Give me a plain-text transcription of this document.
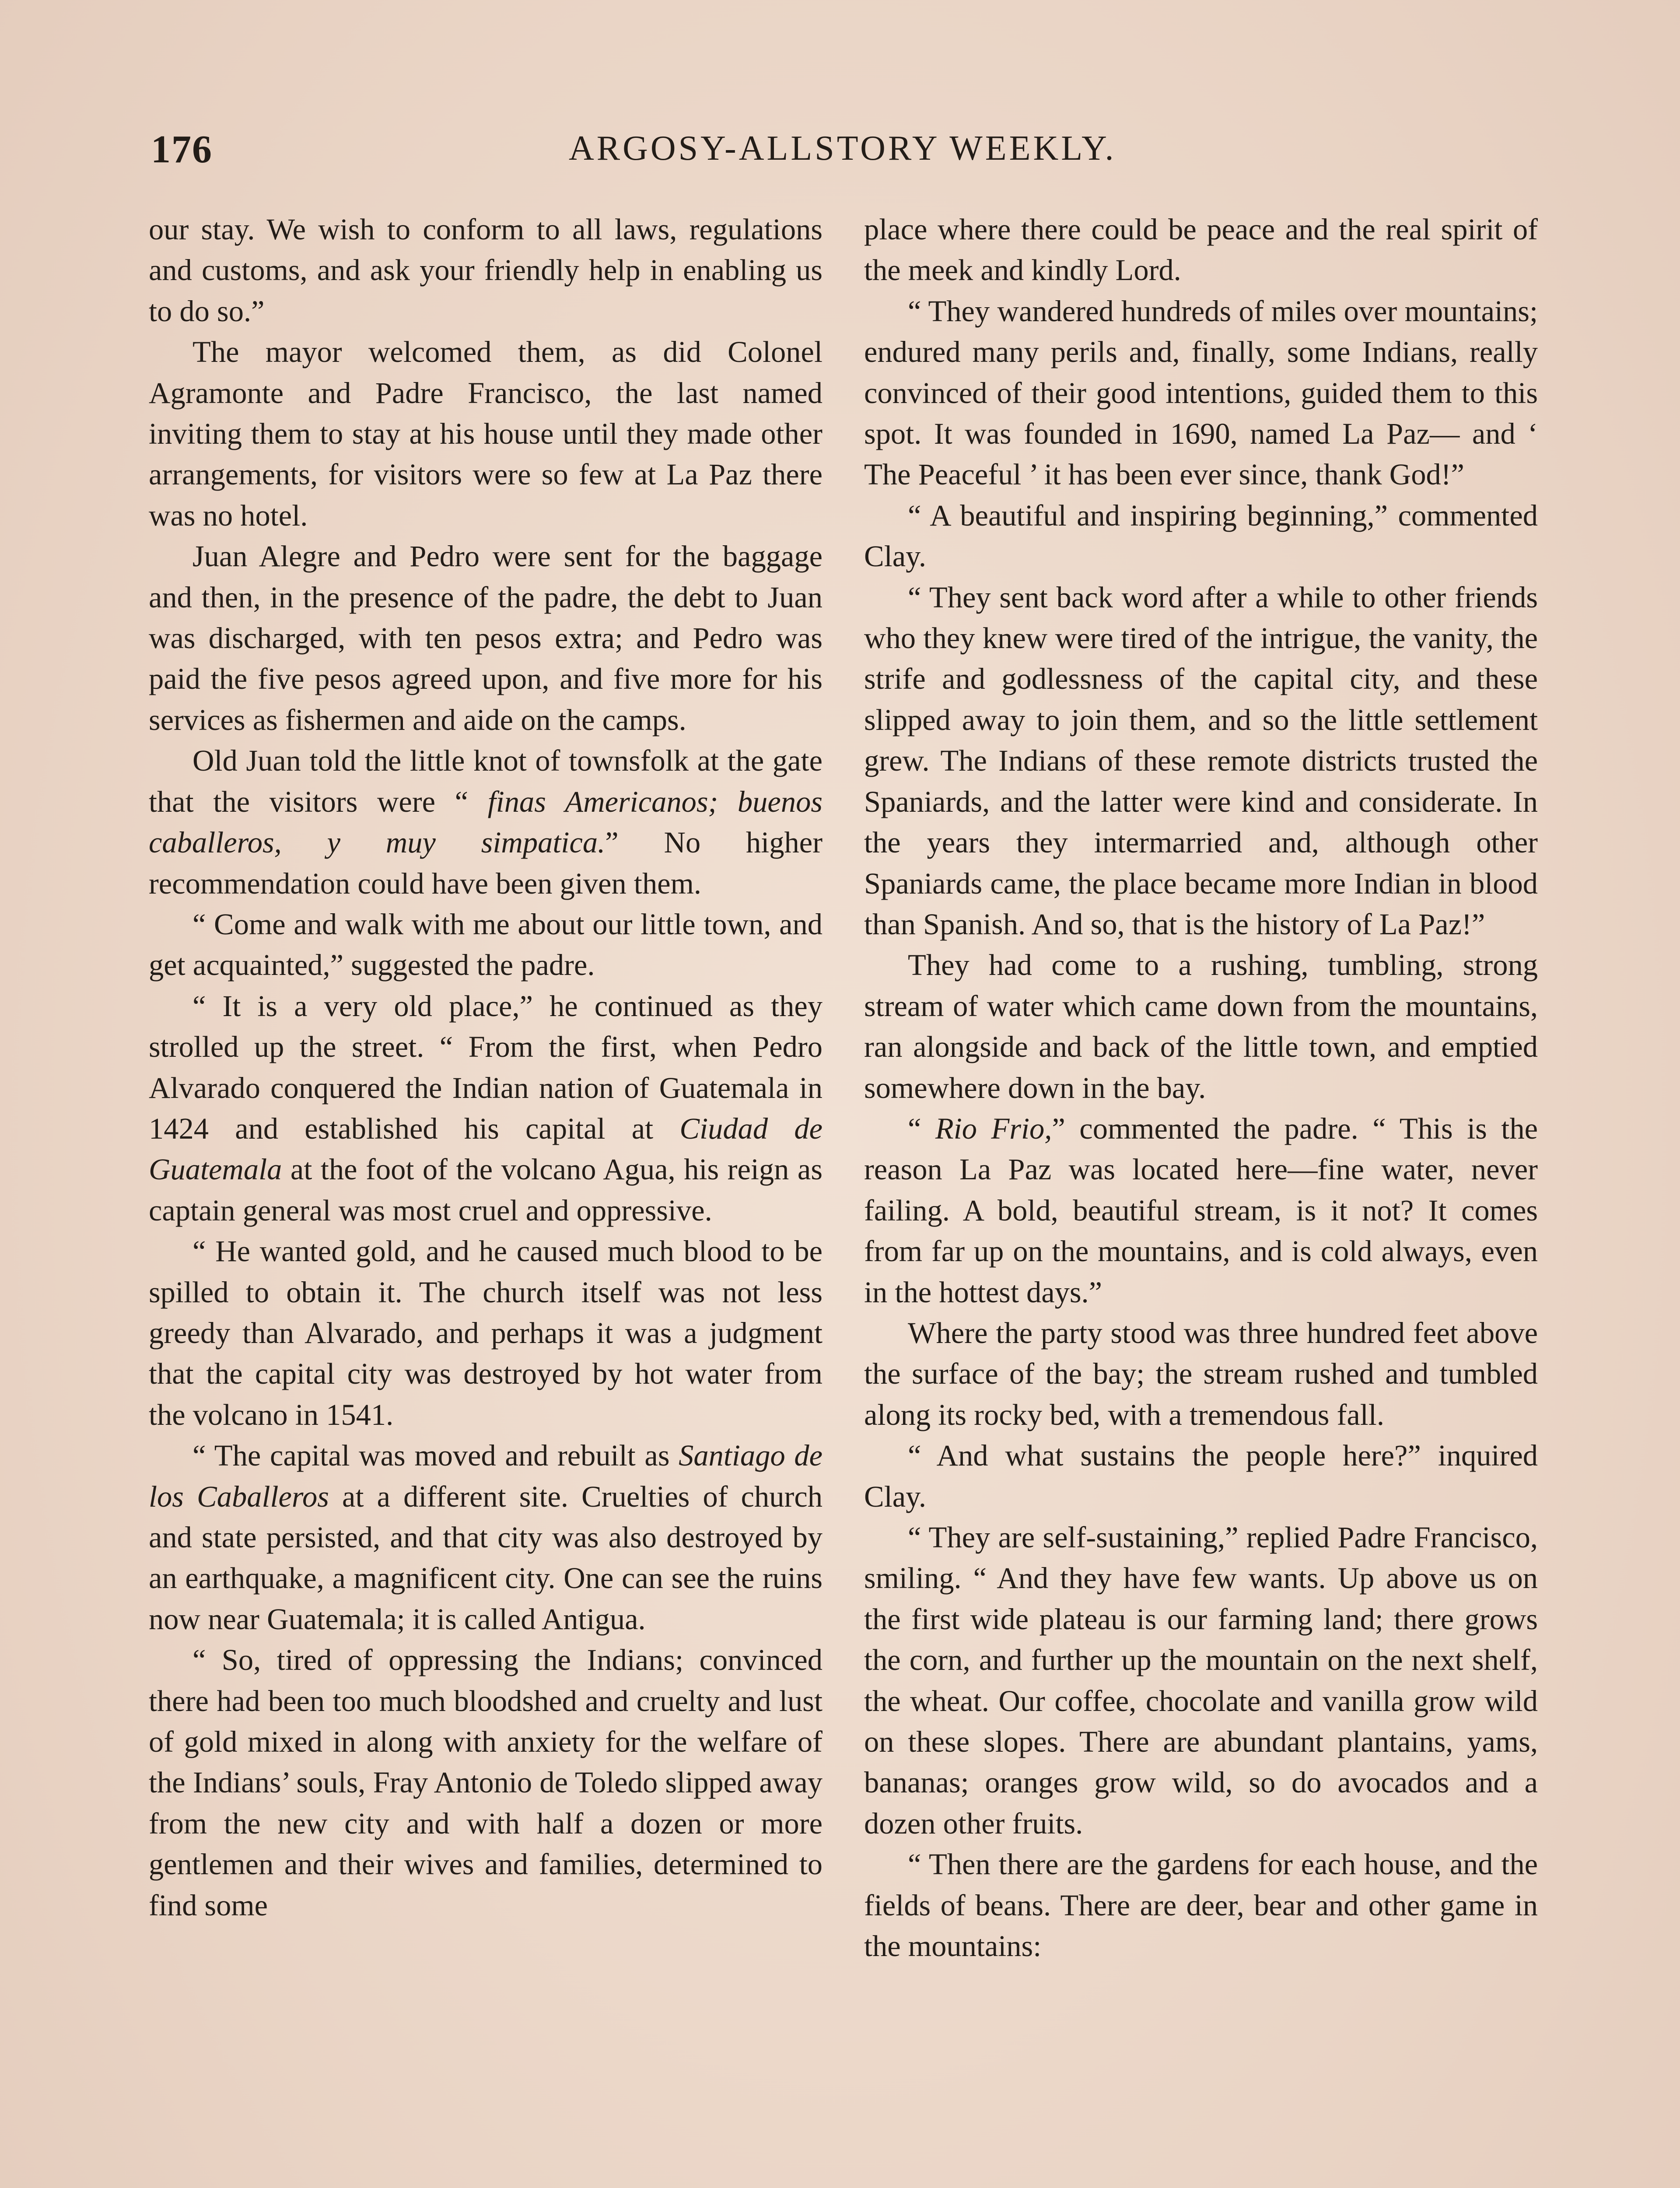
176	ARGOSY-ALLSTORY WEEKLY.

our stay. We wish to conform to all laws, regulations and customs, and ask your friendly help in enabling us to do so.”

The mayor welcomed them, as did Colonel Agramonte and Padre Francisco, the last named inviting them to stay at his house until they made other arrangements, for visitors were so few at La Paz there was no hotel.

Juan Alegre and Pedro were sent for the baggage and then, in the presence of the padre, the debt to Juan was discharged, with ten pesos extra; and Pedro was paid the five pesos agreed upon, and five more for his services as fishermen and aide on the camps.

Old Juan told the little knot of townsfolk at the gate that the visitors were “ finas Americanos; buenos caballeros, y muy simpatica.” No higher recommendation could have been given them.

“ Come and walk with me about our little town, and get acquainted,” suggested the padre.

“ It is a very old place,” he continued as they strolled up the street. “ From the first, when Pedro Alvarado conquered the Indian nation of Guatemala in 1424 and established his capital at Ciudad de Guatemala at the foot of the volcano Agua, his reign as captain general was most cruel and oppressive.

“ He wanted gold, and he caused much blood to be spilled to obtain it. The church itself was not less greedy than Alvarado, and perhaps it was a judgment that the capital city was destroyed by hot water from the volcano in 1541.

“ The capital was moved and rebuilt as Santiago de los Caballeros at a different site. Cruelties of church and state persisted, and that city was also destroyed by an earthquake, a magnificent city. One can see the ruins now near Guatemala; it is called Antigua.

“ So, tired of oppressing the Indians; convinced there had been too much bloodshed and cruelty and lust of gold mixed in along with anxiety for the welfare of the Indians’ souls, Fray Antonio de Toledo slipped away from the new city and with half a dozen or more gentlemen and their wives and families, determined to find some

place where there could be peace and the real spirit of the meek and kindly Lord.

“ They wandered hundreds of miles over mountains; endured many perils and, finally, some Indians, really convinced of their good intentions, guided them to this spot. It was founded in 1690, named La Paz— and ‘ The Peaceful ’ it has been ever since, thank God!”

“ A beautiful and inspiring beginning,” commented Clay.

“ They sent back word after a while to other friends who they knew were tired of the intrigue, the vanity, the strife and godlessness of the capital city, and these slipped away to join them, and so the little settlement grew. The Indians of these remote districts trusted the Spaniards, and the latter were kind and considerate. In the years they intermarried and, although other Spaniards came, the place became more Indian in blood than Spanish. And so, that is the history of La Paz!”

They had come to a rushing, tumbling, strong stream of water which came down from the mountains, ran alongside and back of the little town, and emptied somewhere down in the bay.

“ Rio Frio,” commented the padre. “ This is the reason La Paz was located here—fine water, never failing. A bold, beautiful stream, is it not? It comes from far up on the mountains, and is cold always, even in the hottest days.”

Where the party stood was three hundred feet above the surface of the bay; the stream rushed and tumbled along its rocky bed, with a tremendous fall.

“ And what sustains the people here?” inquired Clay.

“ They are self-sustaining,” replied Padre Francisco, smiling. “ And they have few wants. Up above us on the first wide plateau is our farming land; there grows the corn, and further up the mountain on the next shelf, the wheat. Our coffee, chocolate and vanilla grow wild on these slopes. There are abundant plantains, yams, bananas; oranges grow wild, so do avocados and a dozen other fruits.

“ Then there are the gardens for each house, and the fields of beans. There are deer, bear and other game in the mountains:
